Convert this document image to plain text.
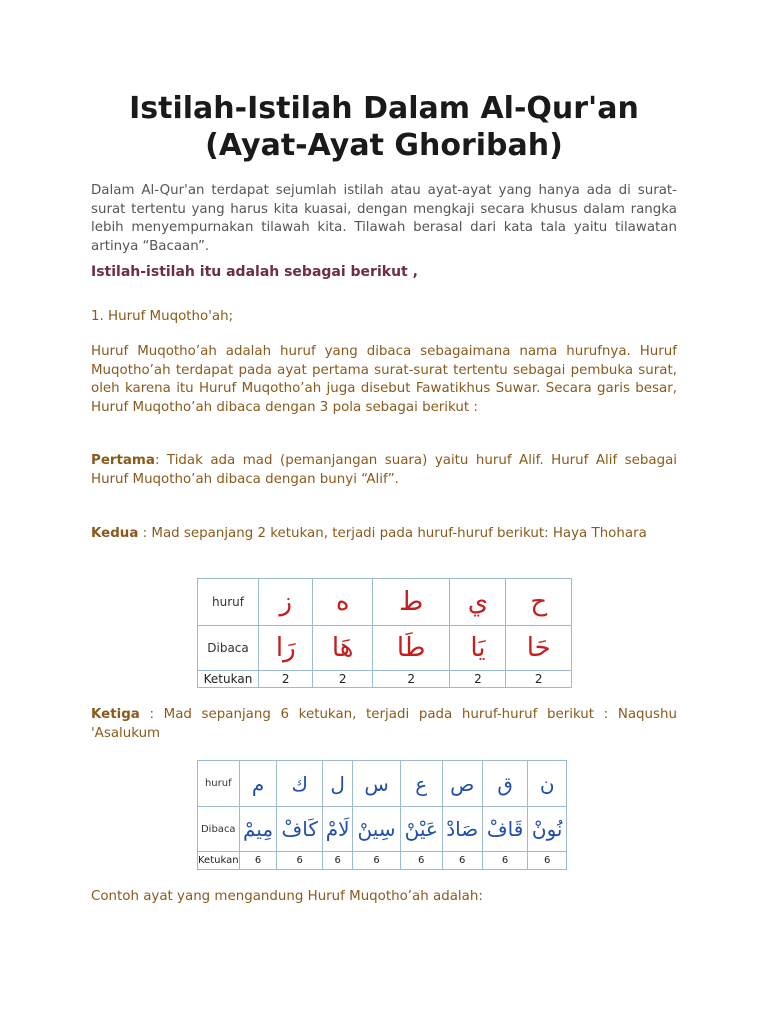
Istilah-Istilah Dalam Al-Qur'an
(Ayat-Ayat Ghoribah)
Dalam Al-Qur'an terdapat sejumlah istilah atau ayat-ayat yang hanya ada di surat-surat tertentu yang harus kita kuasai, dengan mengkaji secara khusus dalam rangka lebih menyempurnakan tilawah kita. Tilawah berasal dari kata tala yaitu tilawatan artinya “Bacaan”.
Istilah-istilah itu adalah sebagai berikut ,
1. Huruf Muqotho'ah;
Huruf Muqotho’ah adalah huruf yang dibaca sebagaimana nama hurufnya. Huruf Muqotho’ah terdapat pada ayat pertama surat-surat tertentu sebagai pembuka surat, oleh karena itu Huruf Muqotho’ah juga disebut Fawatikhus Suwar. Secara garis besar, Huruf Muqotho’ah dibaca dengan 3 pola sebagai berikut :
Pertama: Tidak ada mad (pemanjangan suara) yaitu huruf Alif. Huruf Alif sebagai Huruf Muqotho’ah dibaca dengan bunyi “Alif”.
Kedua : Mad sepanjang 2 ketukan, terjadi pada huruf-huruf berikut: Haya Thohara
huruf	ز	ه	ط	ي	ح
Dibaca	رَا	هَا	طَا	يَا	حَا
Ketukan	2	2	2	2	2
Ketiga : Mad sepanjang 6 ketukan, terjadi pada huruf-huruf berikut : Naqushu 'Asalukum
huruf	م	ك	ل	س	ع	ص	ق	ن
Dibaca	مِيمْ	كَافْ	لَامْ	سِينْ	عَيْنْ	صَادْ	قَافْ	نُونْ
Ketukan	6	6	6	6	6	6	6	6
Contoh ayat yang mengandung Huruf Muqotho’ah adalah:
